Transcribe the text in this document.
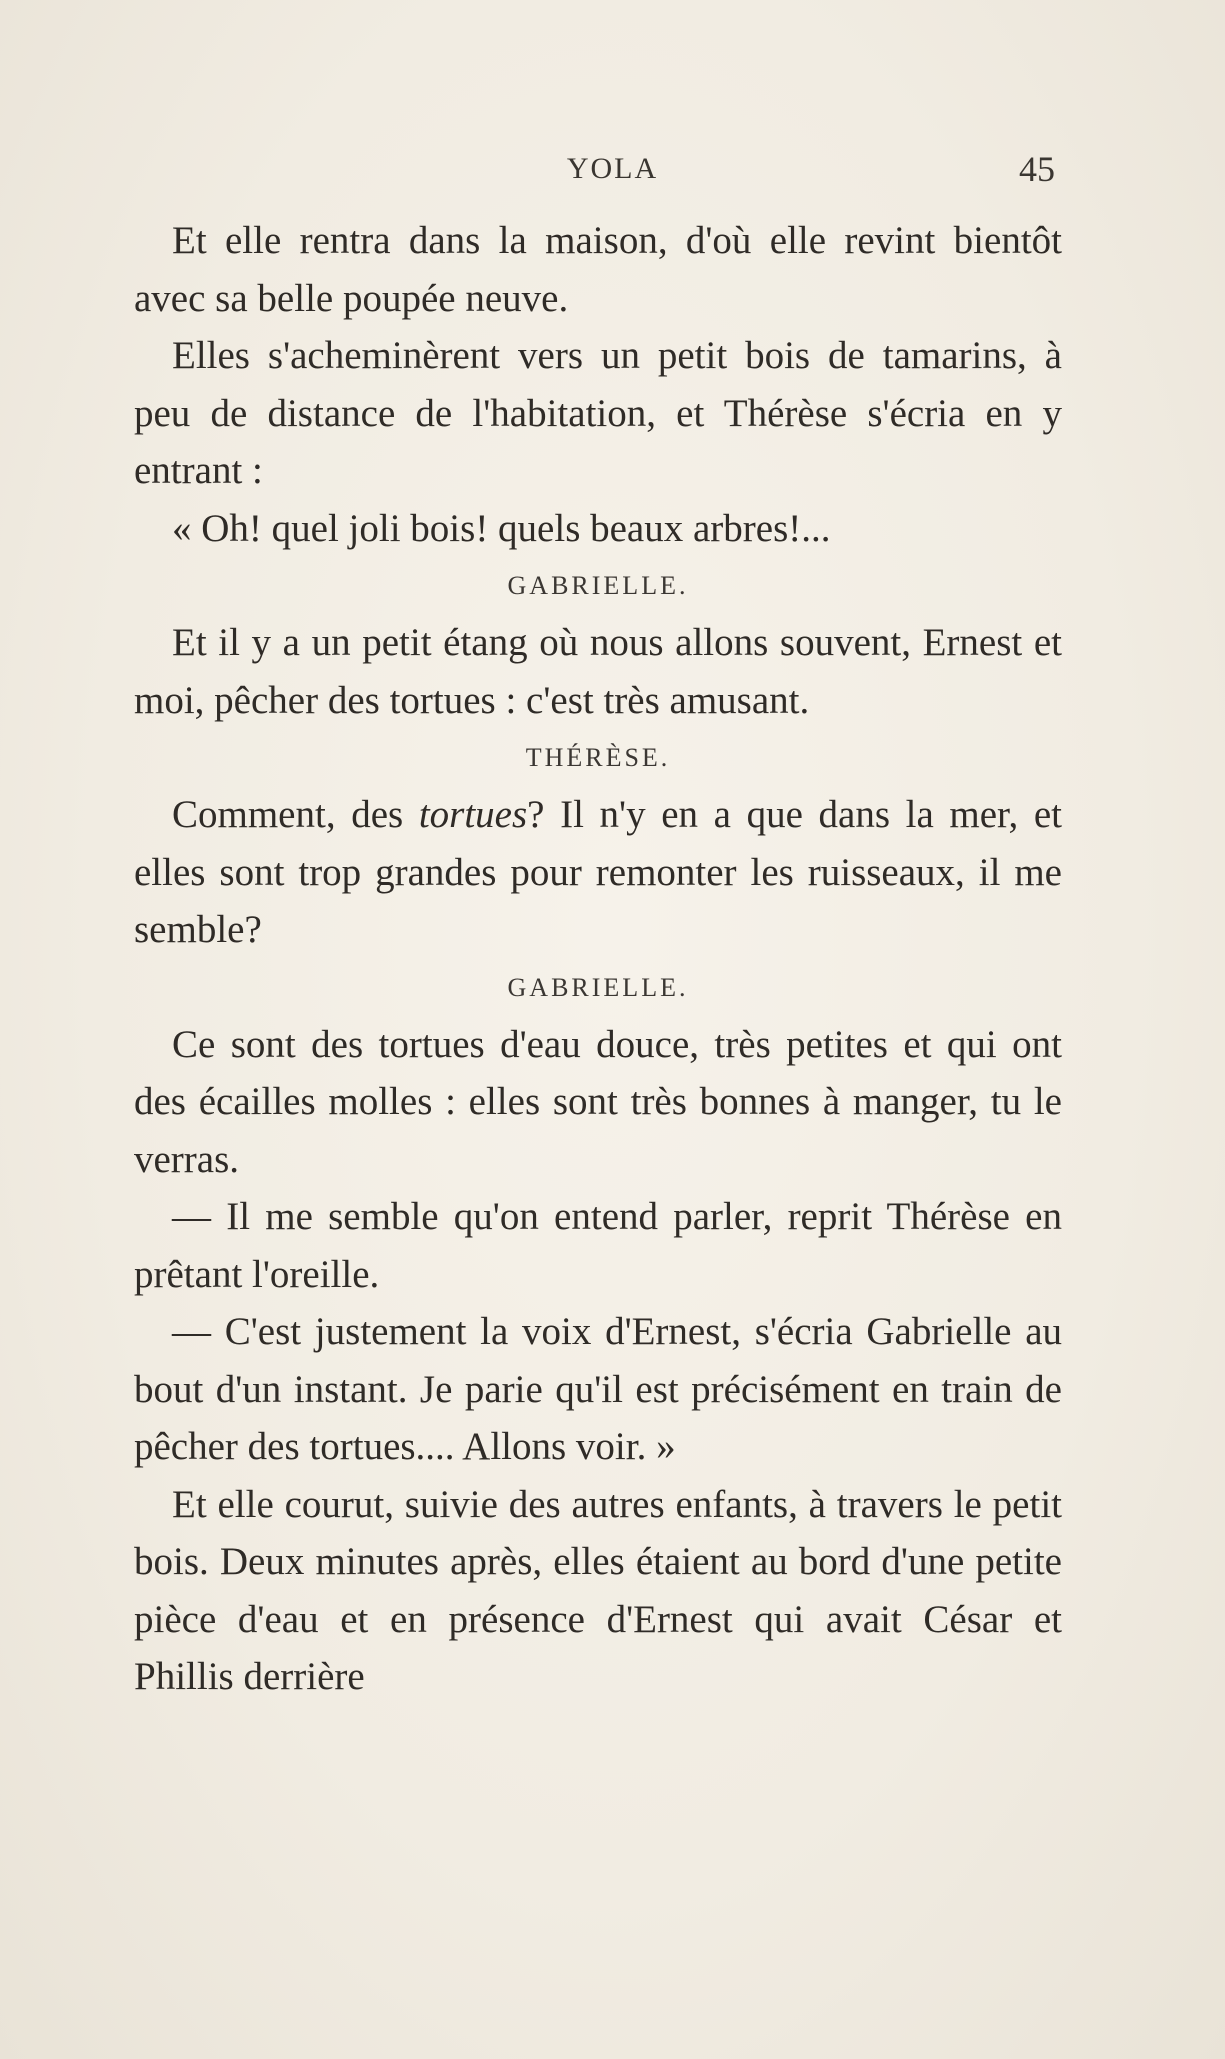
YOLA	45

Et elle rentra dans la maison, d'où elle revint bientôt avec sa belle poupée neuve.

Elles s'acheminèrent vers un petit bois de tamarins, à peu de distance de l'habitation, et Thérèse s'écria en y entrant :

« Oh! quel joli bois! quels beaux arbres!...

GABRIELLE.

Et il y a un petit étang où nous allons souvent, Ernest et moi, pêcher des tortues : c'est très amusant.

THÉRÈSE.

Comment, des tortues? Il n'y en a que dans la mer, et elles sont trop grandes pour remonter les ruisseaux, il me semble?

GABRIELLE.

Ce sont des tortues d'eau douce, très petites et qui ont des écailles molles : elles sont très bonnes à manger, tu le verras.

— Il me semble qu'on entend parler, reprit Thérèse en prêtant l'oreille.

— C'est justement la voix d'Ernest, s'écria Gabrielle au bout d'un instant. Je parie qu'il est précisément en train de pêcher des tortues.... Allons voir. »

Et elle courut, suivie des autres enfants, à travers le petit bois. Deux minutes après, elles étaient au bord d'une petite pièce d'eau et en présence d'Ernest qui avait César et Phillis derrière
